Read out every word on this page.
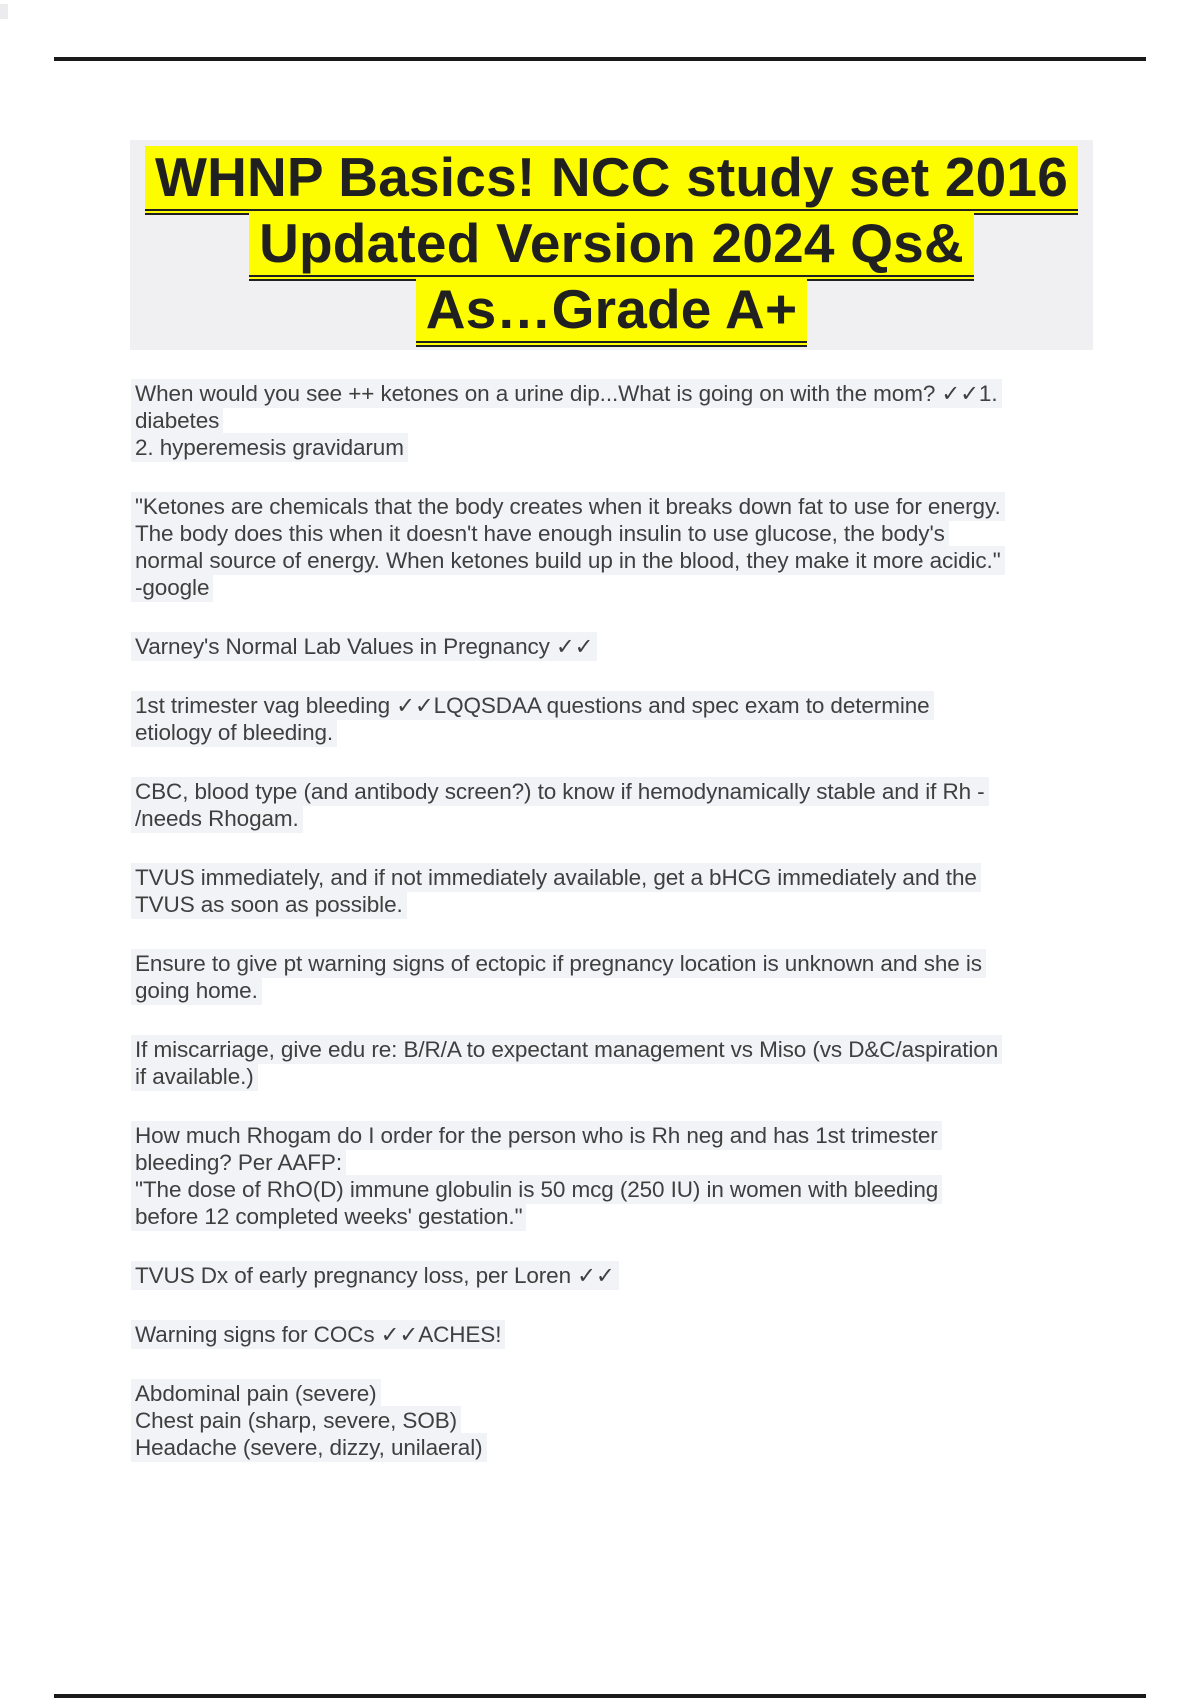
WHNP Basics! NCC study set 2016
Updated Version 2024 Qs&
As…Grade A+
When would you see ++ ketones on a urine dip...What is going on with the mom? ✓✓1.
diabetes
2. hyperemesis gravidarum
"Ketones are chemicals that the body creates when it breaks down fat to use for energy.
The body does this when it doesn't have enough insulin to use glucose, the body's
normal source of energy. When ketones build up in the blood, they make it more acidic."
-google
Varney's Normal Lab Values in Pregnancy ✓✓
1st trimester vag bleeding ✓✓LQQSDAA questions and spec exam to determine
etiology of bleeding.
CBC, blood type (and antibody screen?) to know if hemodynamically stable and if Rh -
/needs Rhogam.
TVUS immediately, and if not immediately available, get a bHCG immediately and the
TVUS as soon as possible.
Ensure to give pt warning signs of ectopic if pregnancy location is unknown and she is
going home.
If miscarriage, give edu re: B/R/A to expectant management vs Miso (vs D&C/aspiration
if available.)
How much Rhogam do I order for the person who is Rh neg and has 1st trimester
bleeding? Per AAFP:
"The dose of RhO(D) immune globulin is 50 mcg (250 IU) in women with bleeding
before 12 completed weeks' gestation."
TVUS Dx of early pregnancy loss, per Loren ✓✓
Warning signs for COCs ✓✓ACHES!
Abdominal pain (severe)
Chest pain (sharp, severe, SOB)
Headache (severe, dizzy, unilaeral)
